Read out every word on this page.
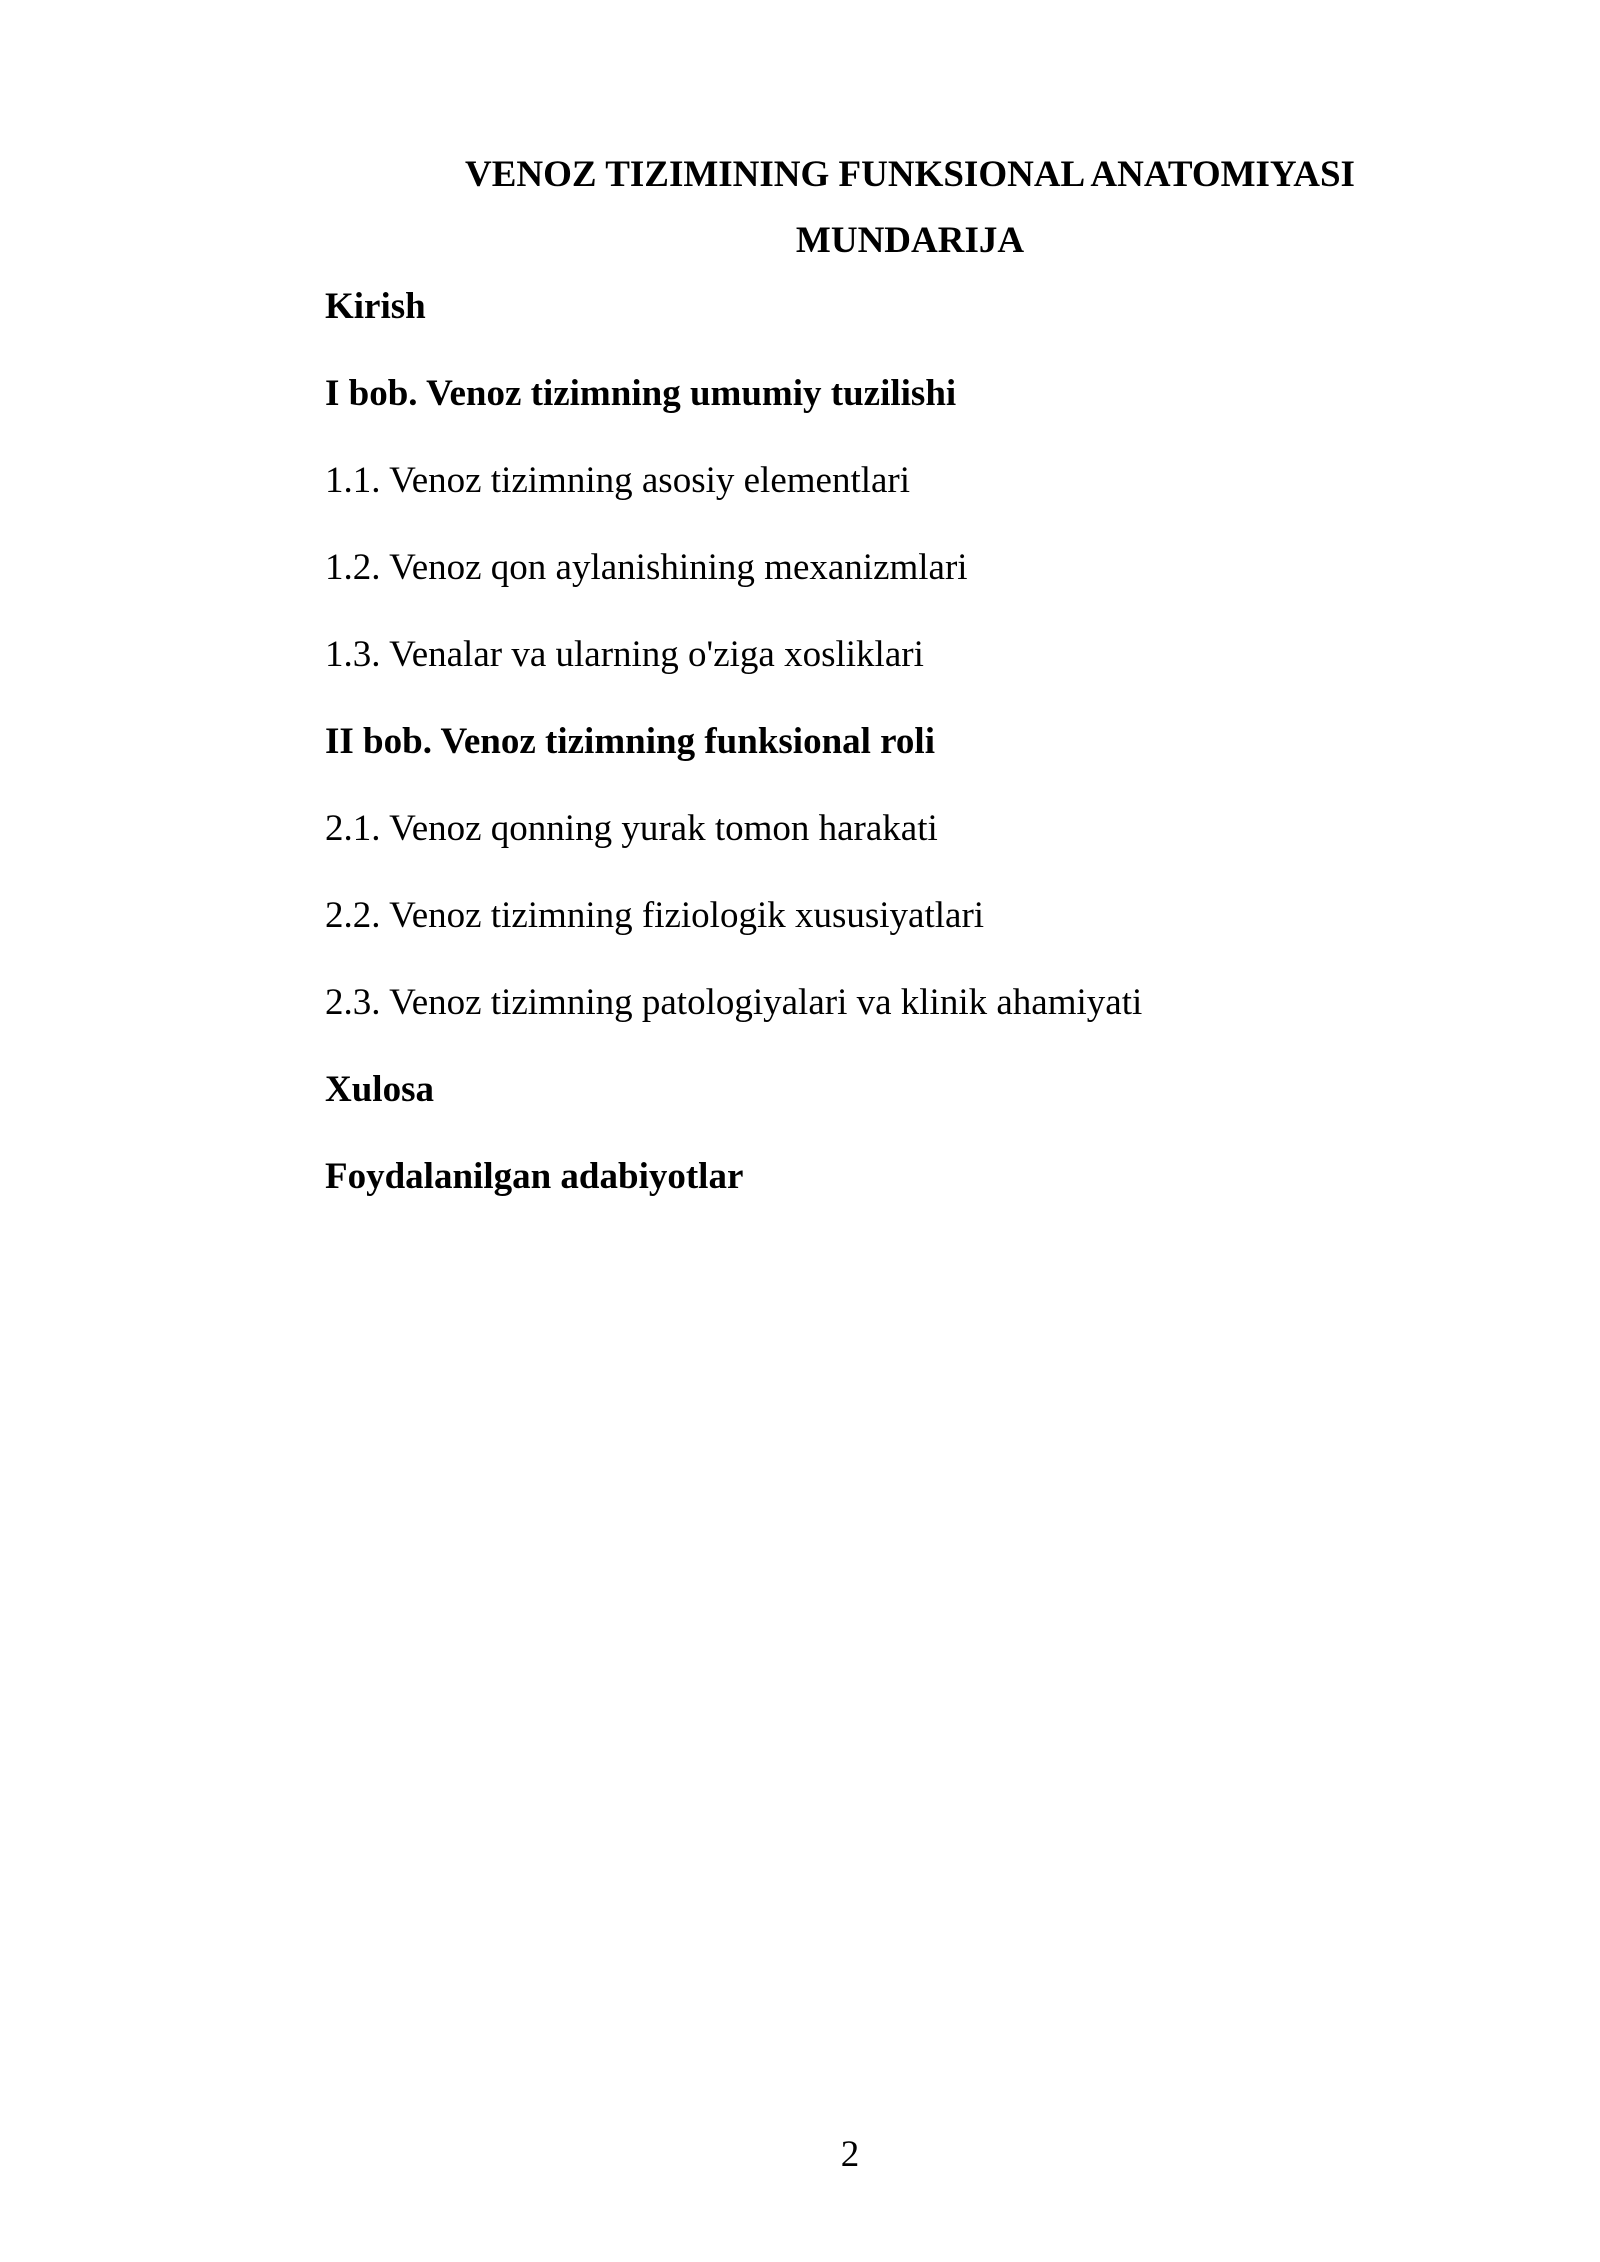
VENOZ TIZIMINING FUNKSIONAL ANATOMIYASI
MUNDARIJA
Kirish
I bob. Venoz tizimning umumiy tuzilishi
1.1. Venoz tizimning asosiy elementlari
1.2. Venoz qon aylanishining mexanizmlari
1.3. Venalar va ularning o'ziga xosliklari
II bob. Venoz tizimning funksional roli
2.1. Venoz qonning yurak tomon harakati
2.2. Venoz tizimning fiziologik xususiyatlari
2.3. Venoz tizimning patologiyalari va klinik ahamiyati
Xulosa
Foydalanilgan adabiyotlar
2
